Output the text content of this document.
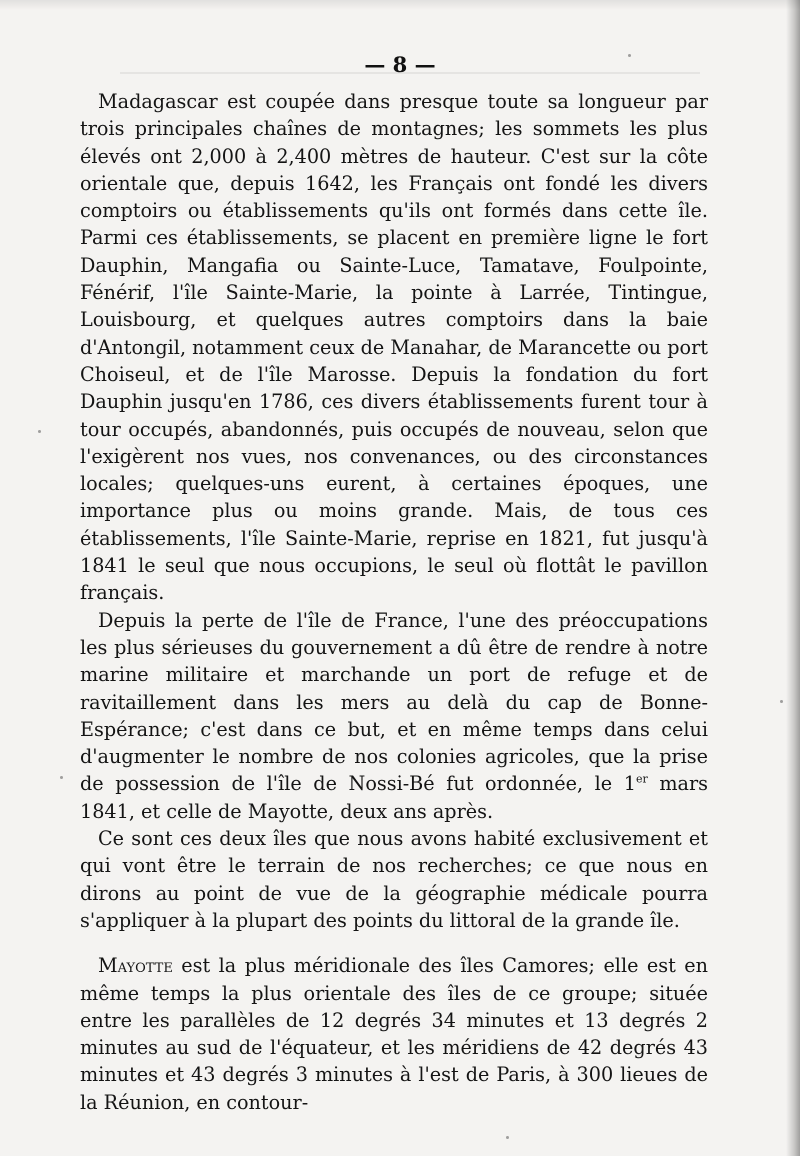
— 8 —

Madagascar est coupée dans presque toute sa longueur par trois principales chaînes de montagnes; les sommets les plus élevés ont 2,000 à 2,400 mètres de hauteur. C'est sur la côte orientale que, depuis 1642, les Français ont fondé les divers comptoirs ou établissements qu'ils ont formés dans cette île. Parmi ces établissements, se placent en première ligne le fort Dauphin, Mangafia ou Sainte-Luce, Tamatave, Foulpointe, Fénérif, l'île Sainte-Marie, la pointe à Larrée, Tintingue, Louisbourg, et quelques autres comptoirs dans la baie d'Antongil, notamment ceux de Manahar, de Marancette ou port Choiseul, et de l'île Marosse. Depuis la fondation du fort Dauphin jusqu'en 1786, ces divers établissements furent tour à tour occupés, abandonnés, puis occupés de nouveau, selon que l'exigèrent nos vues, nos convenances, ou des circonstances locales; quelques-uns eurent, à certaines époques, une importance plus ou moins grande. Mais, de tous ces établissements, l'île Sainte-Marie, reprise en 1821, fut jusqu'à 1841 le seul que nous occupions, le seul où flottât le pavillon français.

Depuis la perte de l'île de France, l'une des préoccupations les plus sérieuses du gouvernement a dû être de rendre à notre marine militaire et marchande un port de refuge et de ravitaillement dans les mers au delà du cap de Bonne-Espérance; c'est dans ce but, et en même temps dans celui d'augmenter le nombre de nos colonies agricoles, que la prise de possession de l'île de Nossi-Bé fut ordonnée, le 1er mars 1841, et celle de Mayotte, deux ans après.

Ce sont ces deux îles que nous avons habité exclusivement et qui vont être le terrain de nos recherches; ce que nous en dirons au point de vue de la géographie médicale pourra s'appliquer à la plupart des points du littoral de la grande île.

Mayotte est la plus méridionale des îles Camores; elle est en même temps la plus orientale des îles de ce groupe; située entre les parallèles de 12 degrés 34 minutes et 13 degrés 2 minutes au sud de l'équateur, et les méridiens de 42 degrés 43 minutes et 43 degrés 3 minutes à l'est de Paris, à 300 lieues de la Réunion, en contour-
